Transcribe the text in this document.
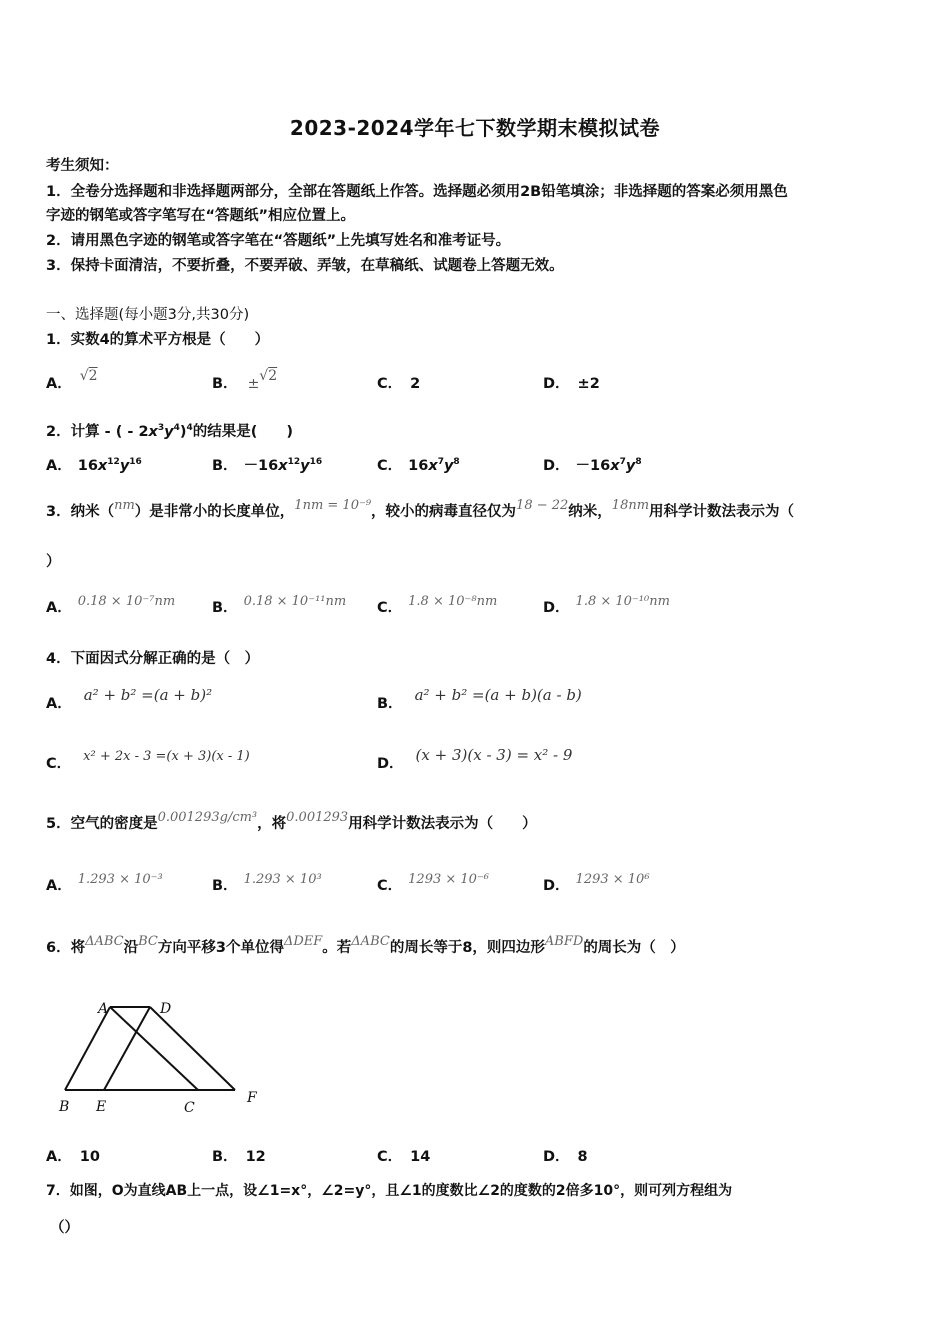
2023-2024学年七下数学期末模拟试卷
考生须知：
1．全卷分选择题和非选择题两部分，全部在答题纸上作答。选择题必须用2B铅笔填涂；非选择题的答案必须用黑色
字迹的钢笔或答字笔写在“答题纸”相应位置上。
2．请用黑色字迹的钢笔或答字笔在“答题纸”上先填写姓名和准考证号。
3．保持卡面清洁，不要折叠，不要弄破、弄皱，在草稿纸、试题卷上答题无效。
一、选择题(每小题3分,共30分)
1．实数4的算术平方根是（　　）
A． √2	B． ±√2	C． 2	D． ±2
2．计算 - ( - $2x^3y^4)^4$的结果是(　　)
A． $16x^{12}y^{16}$	B． $-16x^{12}y^{16}$	C． $16x^7y^8$	D． $-16x^7y^8$
3．纳米（nm）是非常小的长度单位，1nm = 10⁻⁹，较小的病毒直径仅为18 − 22纳米，18nm用科学计数法表示为（
）
A． 0.18 × 10⁻⁷nm	B． 0.18 × 10⁻¹¹nm C． 1.8 × 10⁻⁸nm	D． 1.8 × 10⁻¹⁰nm
4．下面因式分解正确的是（　）
A． a² + b² =(a + b)²	B． a² + b² =(a + b)(a - b)
C． x² + 2x - 3 =(x + 3)(x - 1)	D． (x + 3)(x - 3) = x² - 9
5．空气的密度是0.001293g/cm³，将0.001293用科学计数法表示为（　　）
A． 1.293 × 10⁻³	B． 1.293 × 10³	C． 1293 × 10⁻⁶	D． 1293 × 10⁶
6．将ΔABC沿BC方向平移3个单位得ΔDEF。若ΔABC的周长等于8，则四边形ABFD的周长为（　）
A	D
B E	C
F
A． 10	B． 12	C． 14	D． 8
7．如图，O为直线AB上一点，设∠1=x°，∠2=y°，且∠1的度数比∠2的度数的2倍多10°，则可列方程组为
（）
